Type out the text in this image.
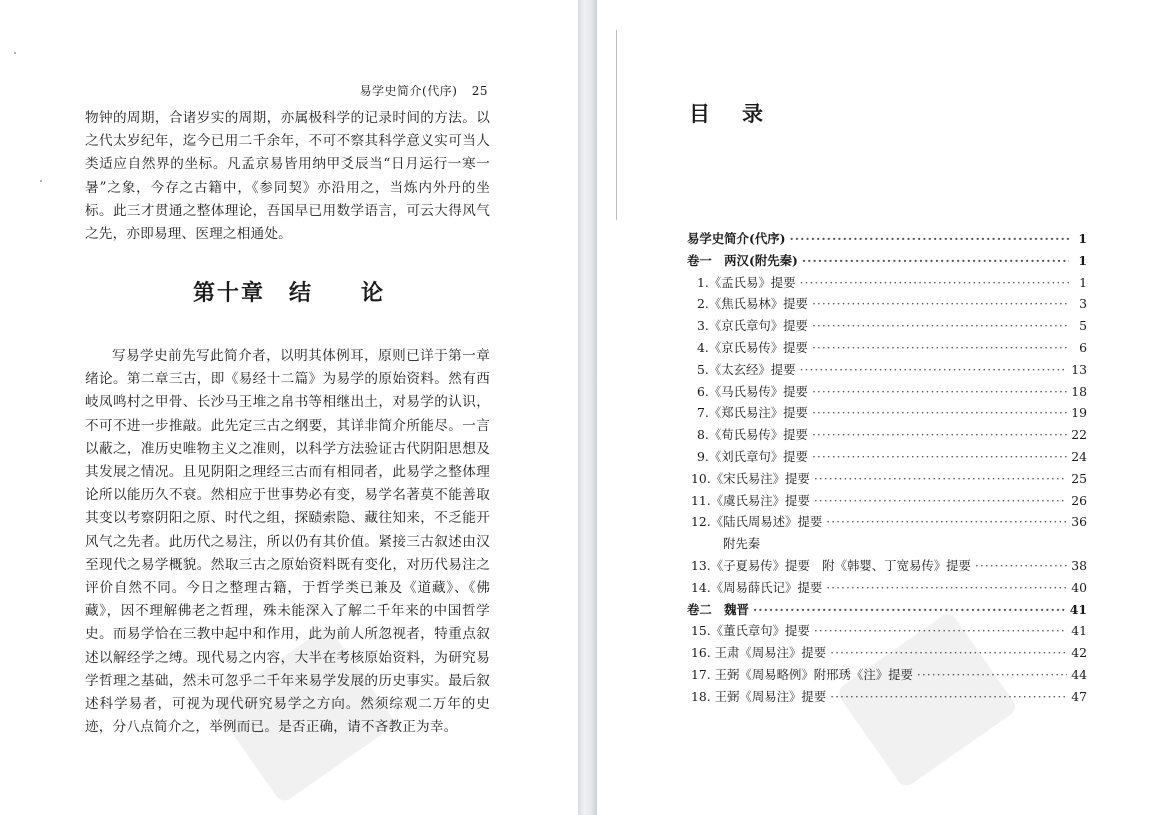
易学史简介(代序) 25

物钟的周期，合诸岁实的周期，亦属极科学的记录时间的方法。以之代太岁纪年，迄今已用二千余年，不可不察其科学意义实可当人类适应自然界的坐标。凡孟京易皆用纳甲爻辰当“日月运行一寒一暑”之象，今存之古籍中，《参同契》亦沿用之，当炼内外丹的坐标。此三才贯通之整体理论，吾国早已用数学语言，可云大得风气之先，亦即易理、医理之相通处。

第十章　结　　论

写易学史前先写此简介者，以明其体例耳，原则已详于第一章绪论。第二章三古，即《易经十二篇》为易学的原始资料。然有西岐凤鸣村之甲骨、长沙马王堆之帛书等相继出土，对易学的认识，不可不进一步推敲。此先定三古之纲要，其详非简介所能尽。一言以蔽之，准历史唯物主义之准则，以科学方法验证古代阴阳思想及其发展之情况。且见阴阳之理经三古而有相同者，此易学之整体理论所以能历久不衰。然相应于世事势必有变，易学名著莫不能善取其变以考察阴阳之原、时代之组，探赜索隐、藏往知来，不乏能开风气之先者。此历代之易注，所以仍有其价值。紧接三古叙述由汉至现代之易学概貌。然取三古之原始资料既有变化，对历代易注之评价自然不同。今日之整理古籍，于哲学类已兼及《道藏》、《佛藏》，因不理解佛老之哲理，殊未能深入了解二千年来的中国哲学史。而易学恰在三教中起中和作用，此为前人所忽视者，特重点叙述以解经学之缚。现代易之内容，大半在考核原始资料，为研究易学哲理之基础，然未可忽乎二千年来易学发展的历史事实。最后叙述科学易者，可视为现代研究易学之方向。然须综观二万年的史迹，分八点简介之，举例而已。是否正确，请不吝教正为幸。

目录
易学史简介(代序) ·····	1
卷一　两汉(附先秦) ·····	1
1.《孟氏易》提要 ·····	1
2.《焦氏易林》提要 ·····	3
3.《京氏章句》提要 ·····	5
4.《京氏易传》提要 ·····	6
5.《太玄经》提要 ·····	13
6.《马氏易传》提要 ·····	18
7.《郑氏易注》提要 ·····	19
8.《荀氏易传》提要 ·····	22
9.《刘氏章句》提要 ·····	24
10.《宋氏易注》提要 ·····	25
11.《虞氏易注》提要 ·····	26
12.《陆氏周易述》提要 ·····	36
附先秦
13.《子夏易传》提要　附《韩婴、丁宽易传》提要 ·····	38
14.《周易薛氏记》提要 ·····	40
卷二　魏晋 ·····	41
15.《董氏章句》提要 ·····	41
16. 王肃《周易注》提要 ·····	42
17. 王弼《周易略例》附邢琇《注》提要 ·····	44
18. 王弼《周易注》提要 ·····	47
